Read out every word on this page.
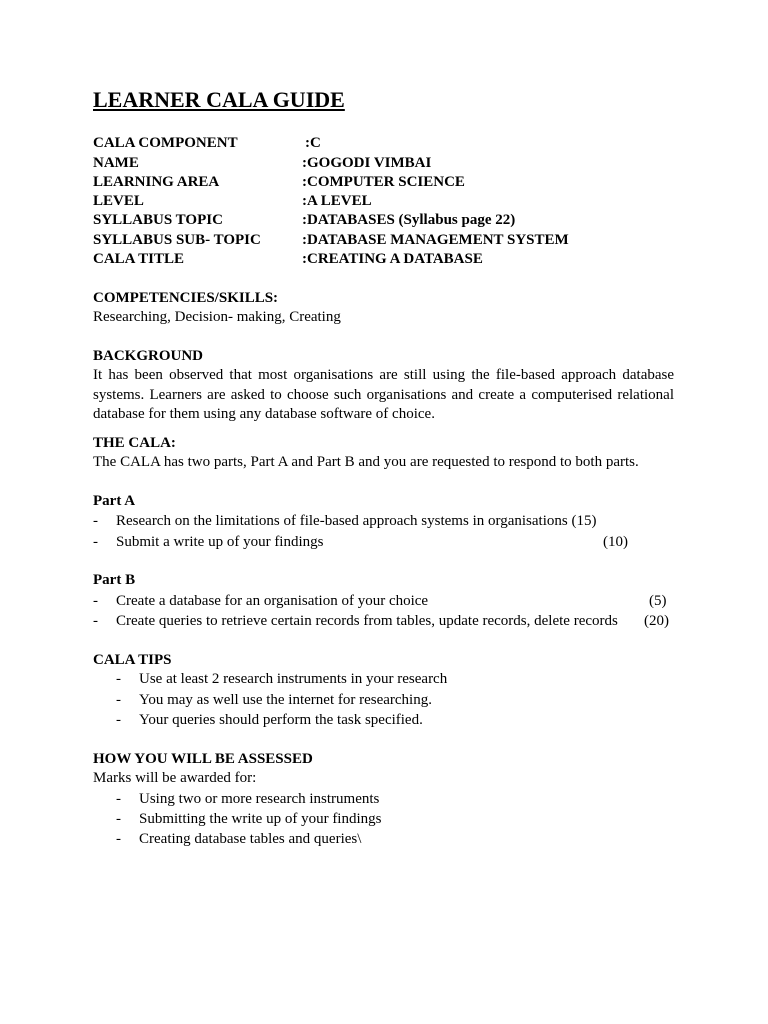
LEARNER CALA GUIDE
CALA COMPONENT	:C
NAME	:GOGODI VIMBAI
LEARNING AREA	:COMPUTER SCIENCE
LEVEL	:A LEVEL
SYLLABUS TOPIC	:DATABASES (Syllabus page 22)
SYLLABUS SUB- TOPIC	:DATABASE MANAGEMENT SYSTEM
CALA TITLE	:CREATING A DATABASE
COMPETENCIES/SKILLS:
Researching, Decision- making, Creating
BACKGROUND
It has been observed that most organisations are still using the file-based approach database systems. Learners are asked to choose such organisations and create a computerised relational database for them using any database software of choice.
THE CALA:
The CALA has two parts, Part A and Part B and you are requested to respond to both parts.
Part A
- Research on the limitations of file-based approach systems in organisations (15)
- Submit a write up of your findings	(10)
Part B
- Create a database for an organisation of your choice	(5)
- Create queries to retrieve certain records from tables, update records, delete records (20)
CALA TIPS
- Use at least 2 research instruments in your research
- You may as well use the internet for researching.
- Your queries should perform the task specified.
HOW YOU WILL BE ASSESSED
Marks will be awarded for:
- Using two or more research instruments
- Submitting the write up of your findings
- Creating database tables and queries\
